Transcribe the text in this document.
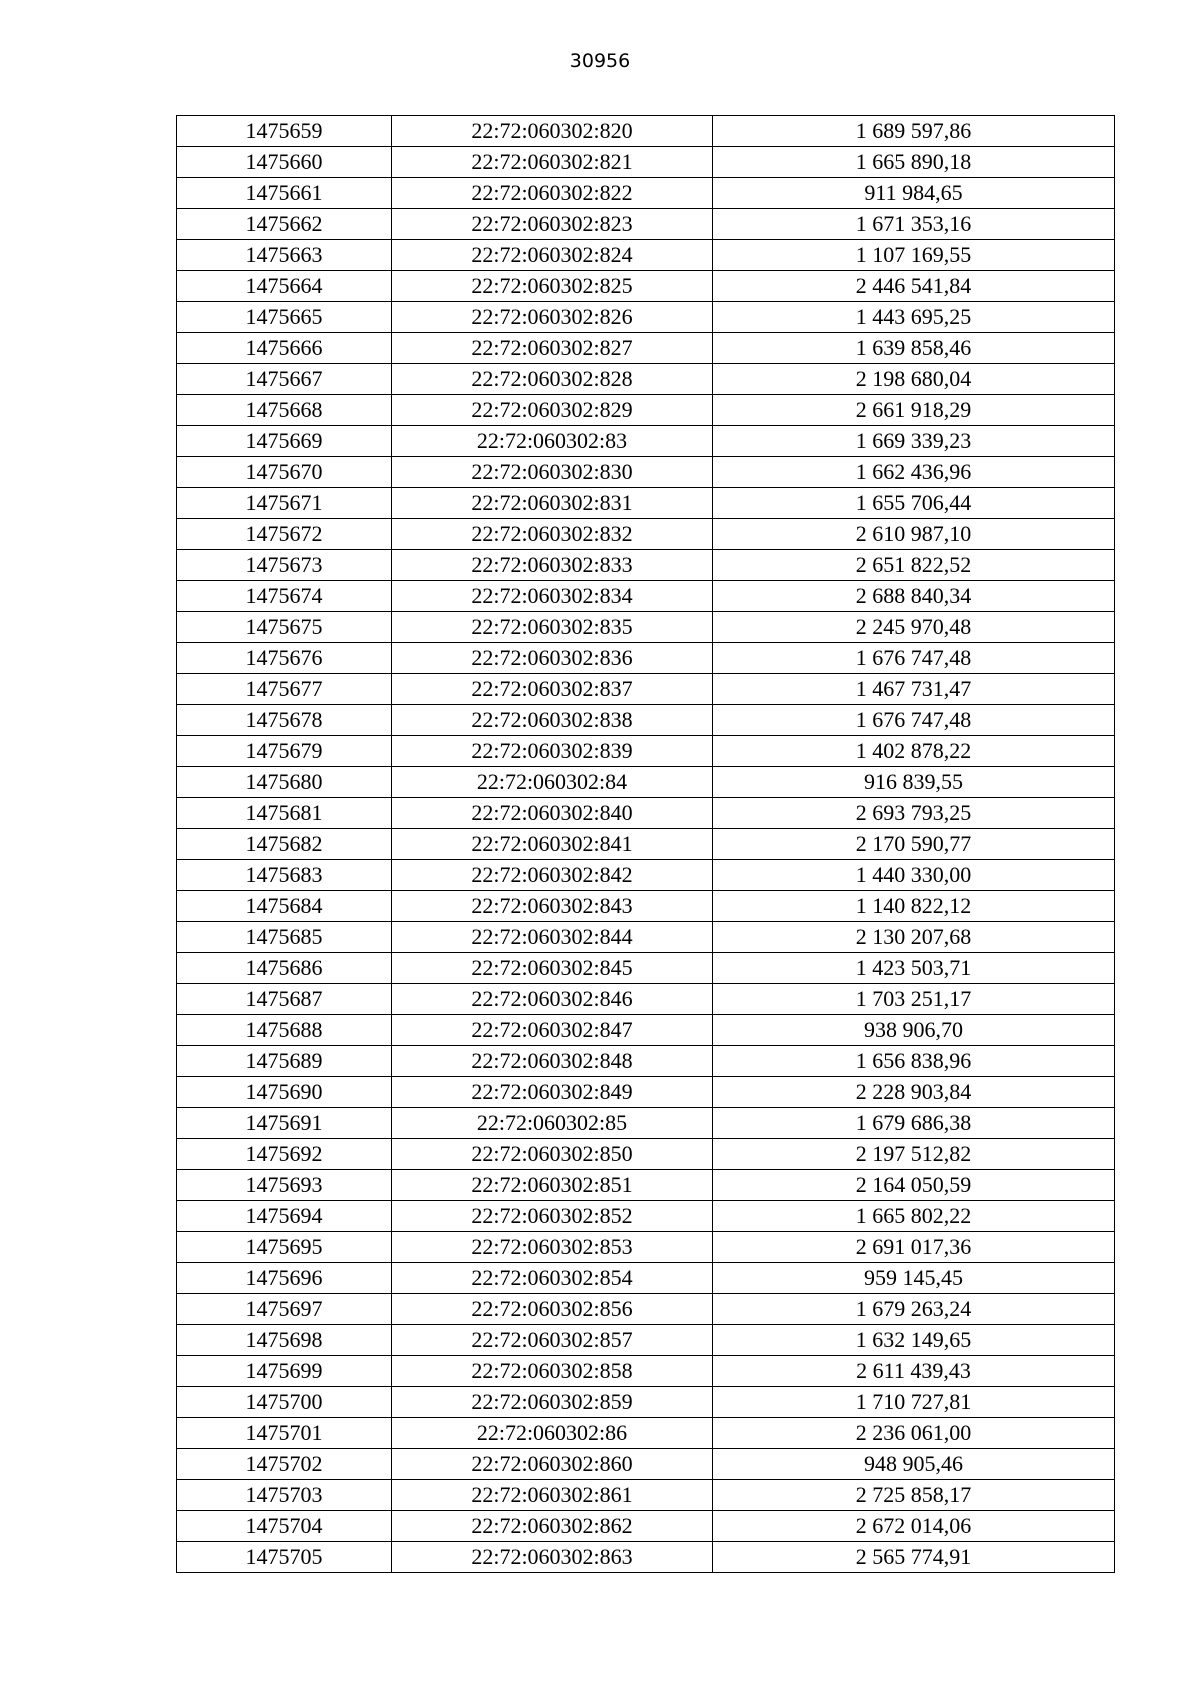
30956
1475659	22:72:060302:820	1 689 597,86
1475660	22:72:060302:821	1 665 890,18
1475661	22:72:060302:822	911 984,65
1475662	22:72:060302:823	1 671 353,16
1475663	22:72:060302:824	1 107 169,55
1475664	22:72:060302:825	2 446 541,84
1475665	22:72:060302:826	1 443 695,25
1475666	22:72:060302:827	1 639 858,46
1475667	22:72:060302:828	2 198 680,04
1475668	22:72:060302:829	2 661 918,29
1475669	22:72:060302:83	1 669 339,23
1475670	22:72:060302:830	1 662 436,96
1475671	22:72:060302:831	1 655 706,44
1475672	22:72:060302:832	2 610 987,10
1475673	22:72:060302:833	2 651 822,52
1475674	22:72:060302:834	2 688 840,34
1475675	22:72:060302:835	2 245 970,48
1475676	22:72:060302:836	1 676 747,48
1475677	22:72:060302:837	1 467 731,47
1475678	22:72:060302:838	1 676 747,48
1475679	22:72:060302:839	1 402 878,22
1475680	22:72:060302:84	916 839,55
1475681	22:72:060302:840	2 693 793,25
1475682	22:72:060302:841	2 170 590,77
1475683	22:72:060302:842	1 440 330,00
1475684	22:72:060302:843	1 140 822,12
1475685	22:72:060302:844	2 130 207,68
1475686	22:72:060302:845	1 423 503,71
1475687	22:72:060302:846	1 703 251,17
1475688	22:72:060302:847	938 906,70
1475689	22:72:060302:848	1 656 838,96
1475690	22:72:060302:849	2 228 903,84
1475691	22:72:060302:85	1 679 686,38
1475692	22:72:060302:850	2 197 512,82
1475693	22:72:060302:851	2 164 050,59
1475694	22:72:060302:852	1 665 802,22
1475695	22:72:060302:853	2 691 017,36
1475696	22:72:060302:854	959 145,45
1475697	22:72:060302:856	1 679 263,24
1475698	22:72:060302:857	1 632 149,65
1475699	22:72:060302:858	2 611 439,43
1475700	22:72:060302:859	1 710 727,81
1475701	22:72:060302:86	2 236 061,00
1475702	22:72:060302:860	948 905,46
1475703	22:72:060302:861	2 725 858,17
1475704	22:72:060302:862	2 672 014,06
1475705	22:72:060302:863	2 565 774,91
